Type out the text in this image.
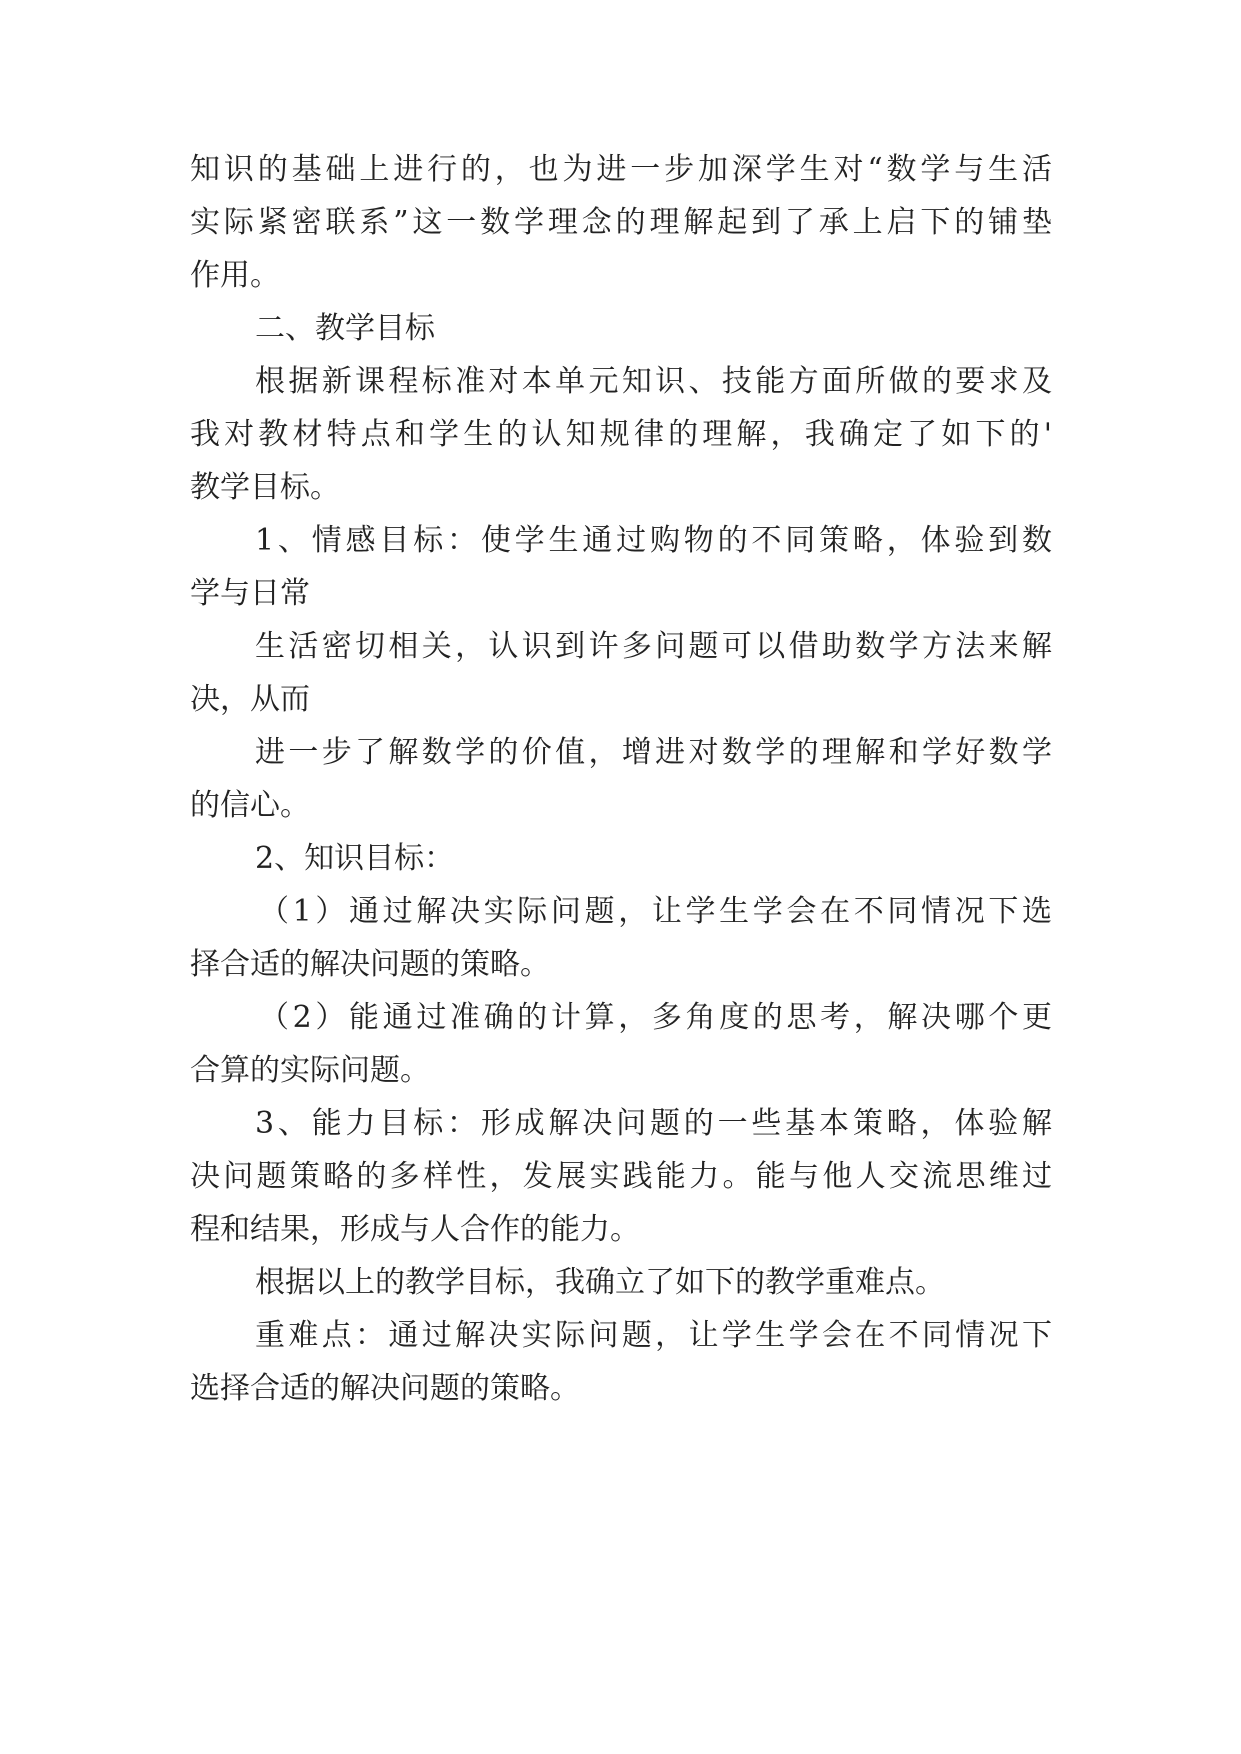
知识的基础上进行的，也为进一步加深学生对“数学与生活
实际紧密联系”这一数学理念的理解起到了承上启下的铺垫
作用。
二、教学目标
根据新课程标准对本单元知识、技能方面所做的要求及
我对教材特点和学生的认知规律的理解，我确定了如下的'
教学目标。
1、情感目标：使学生通过购物的不同策略，体验到数
学与日常
生活密切相关，认识到许多问题可以借助数学方法来解
决，从而
进一步了解数学的价值，增进对数学的理解和学好数学
的信心。
2、知识目标：
（1）通过解决实际问题，让学生学会在不同情况下选
择合适的解决问题的策略。
（2）能通过准确的计算，多角度的思考，解决哪个更
合算的实际问题。
3、能力目标：形成解决问题的一些基本策略，体验解
决问题策略的多样性，发展实践能力。能与他人交流思维过
程和结果，形成与人合作的能力。
根据以上的教学目标，我确立了如下的教学重难点。
重难点：通过解决实际问题，让学生学会在不同情况下
选择合适的解决问题的策略。
